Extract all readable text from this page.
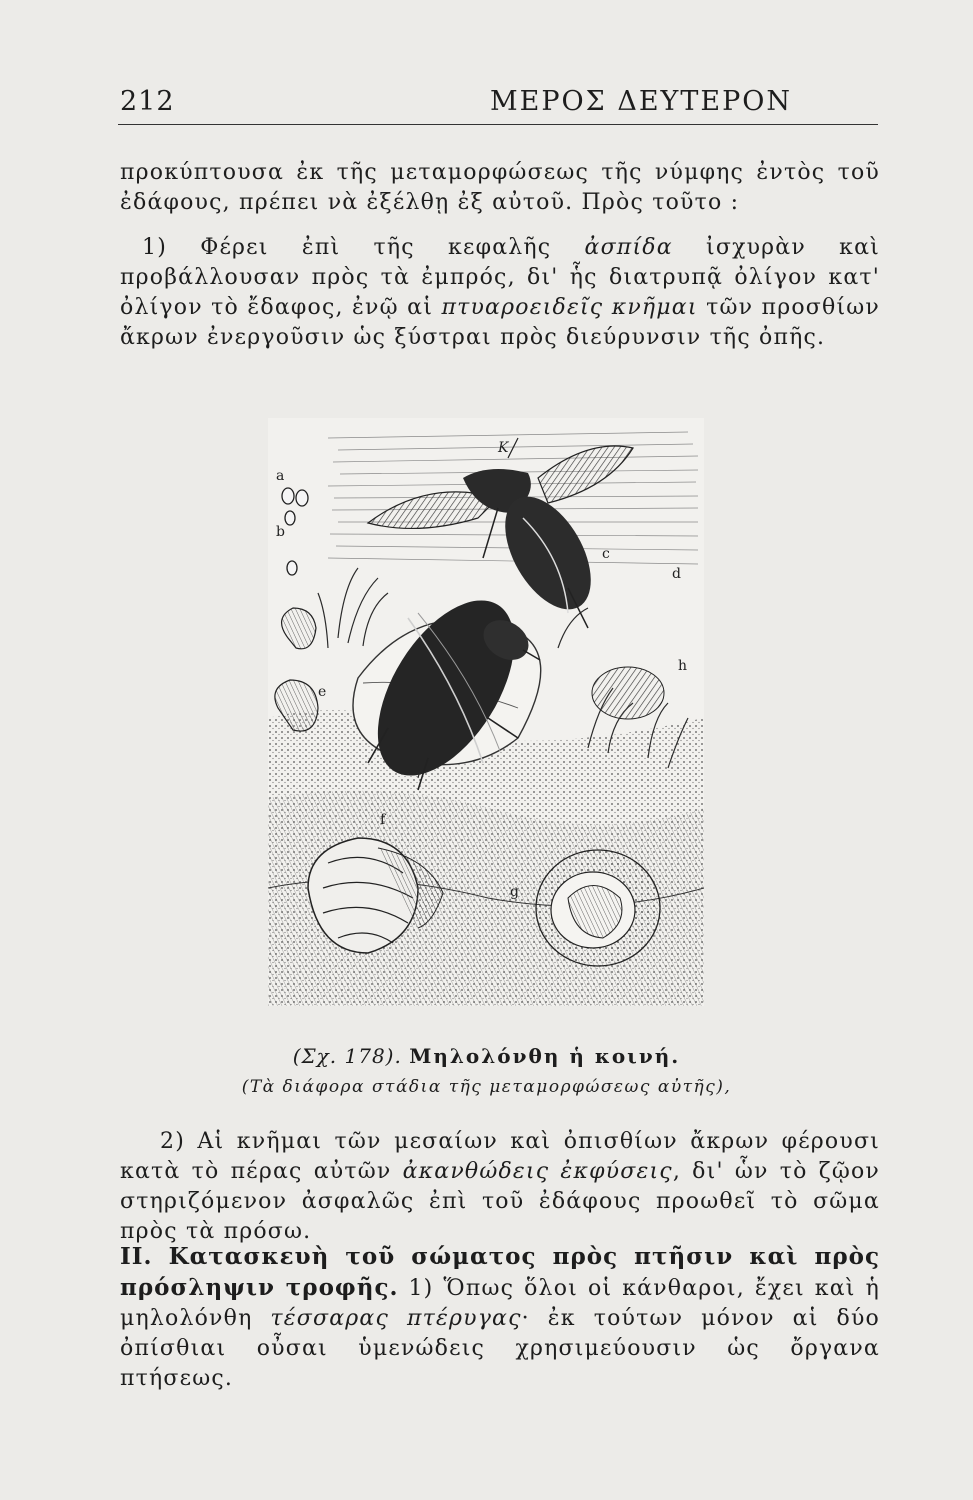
212	ΜΕΡΟΣ ΔΕΥΤΕΡΟΝ

προκύπτουσα ἐκ τῆς μεταμορφώσεως τῆς νύμφης ἐντὸς τοῦ ἐδάφους, πρέπει νὰ ἐξέλθῃ ἐξ αὐτοῦ. Πρὸς τοῦτο :

1) Φέρει ἐπὶ τῆς κεφαλῆς ἀσπίδα ἰσχυρὰν καὶ προβάλλουσαν πρὸς τὰ ἐμπρός, δι' ἧς διατρυπᾷ ὀλίγον κατ' ὀλίγον τὸ ἔδαφος, ἐνῷ αἱ πτυαροειδεῖς κνῆμαι τῶν προσθίων ἄκρων ἐνεργοῦσιν ὡς ξύστραι πρὸς διεύρυνσιν τῆς ὀπῆς.

K
a
b
c
d
e
f
g
h
(Σχ. 178). Μηλολόνθη ἡ κοινή.
(Τὰ διάφορα στάδια τῆς μεταμορφώσεως αὐτῆς),

2) Αἱ κνῆμαι τῶν μεσαίων καὶ ὀπισθίων ἄκρων φέρουσι κατὰ τὸ πέρας αὐτῶν ἀκανθώδεις ἐκφύσεις, δι' ὧν τὸ ζῷον στηριζόμενον ἀσφαλῶς ἐπὶ τοῦ ἐδάφους προωθεῖ τὸ σῶμα πρὸς τὰ πρόσω.

ΙΙ. Κατασκευὴ τοῦ σώματος πρὸς πτῆσιν καὶ πρὸς πρόσληψιν τροφῆς. 1) Ὅπως ὅλοι οἱ κάνθαροι, ἔχει καὶ ἡ μηλολόνθη τέσσαρας πτέρυγας· ἐκ τούτων μόνον αἱ δύο ὀπίσθιαι οὖσαι ὑμενώδεις χρησιμεύουσιν ὡς ὄργανα πτήσεως.
